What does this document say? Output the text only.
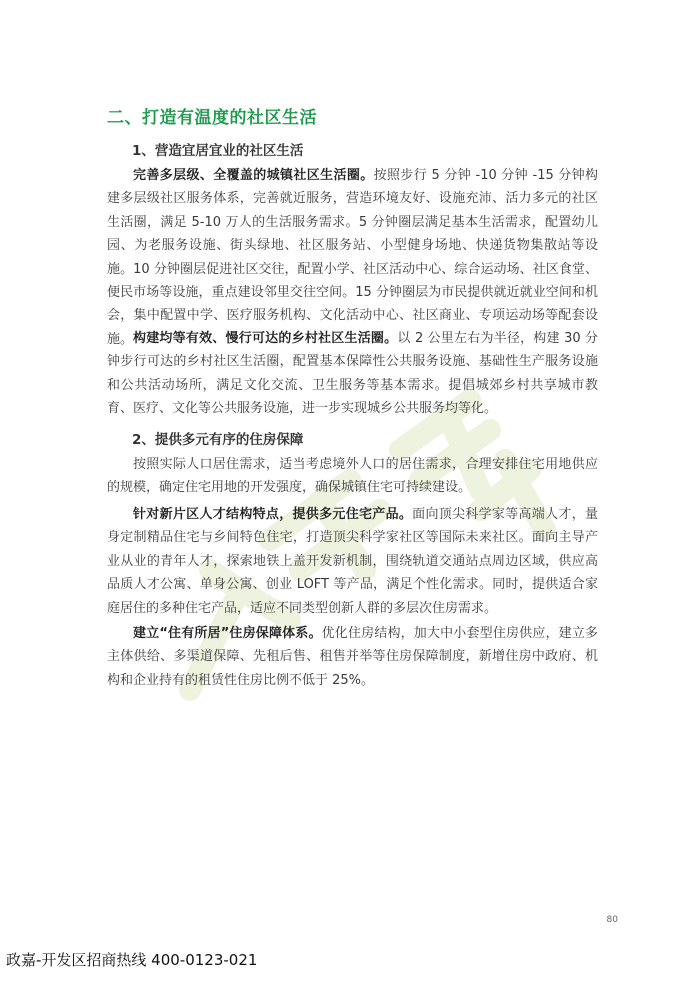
二、打造有温度的社区生活
1、营造宜居宜业的社区生活

完善多层级、全覆盖的城镇社区生活圈。按照步行 5 分钟 -10 分钟 -15 分钟构建多层级社区服务体系，完善就近服务，营造环境友好、设施充沛、活力多元的社区生活圈，满足 5-10 万人的生活服务需求。5 分钟圈层满足基本生活需求，配置幼儿园、为老服务设施、街头绿地、社区服务站、小型健身场地、快递货物集散站等设施。10 分钟圈层促进社区交往，配置小学、社区活动中心、综合运动场、社区食堂、便民市场等设施，重点建设邻里交往空间。15 分钟圈层为市民提供就近就业空间和机会，集中配置中学、医疗服务机构、文化活动中心、社区商业、专项运动场等配套设施。 构建均等有效、慢行可达的乡村社区生活圈。以 2 公里左右为半径，构建 30 分钟步行可达的乡村社区生活圈，配置基本保障性公共服务设施、基础性生产服务设施和公共活动场所，满足文化交流、卫生服务等基本需求。提倡城郊乡村共享城市教育、医疗、文化等公共服务设施，进一步实现城乡公共服务均等化。

2、提供多元有序的住房保障

按照实际人口居住需求，适当考虑境外人口的居住需求，合理安排住宅用地供应的规模，确定住宅用地的开发强度，确保城镇住宅可持续建设。

针对新片区人才结构特点，提供多元住宅产品。面向顶尖科学家等高端人才，量身定制精品住宅与乡间特色住宅，打造顶尖科学家社区等国际未来社区。面向主导产业从业的青年人才，探索地铁上盖开发新机制，围绕轨道交通站点周边区域，供应高品质人才公寓、单身公寓、创业 LOFT 等产品，满足个性化需求。同时，提供适合家庭居住的多种住宅产品，适应不同类型创新人群的多层次住房需求。

建立“住有所居”住房保障体系。优化住房结构，加大中小套型住房供应，建立多主体供给、多渠道保障、先租后售、租售并举等住房保障制度，新增住房中政府、机构和企业持有的租赁性住房比例不低于 25%。

80
政嘉-开发区招商热线 400-0123-021
